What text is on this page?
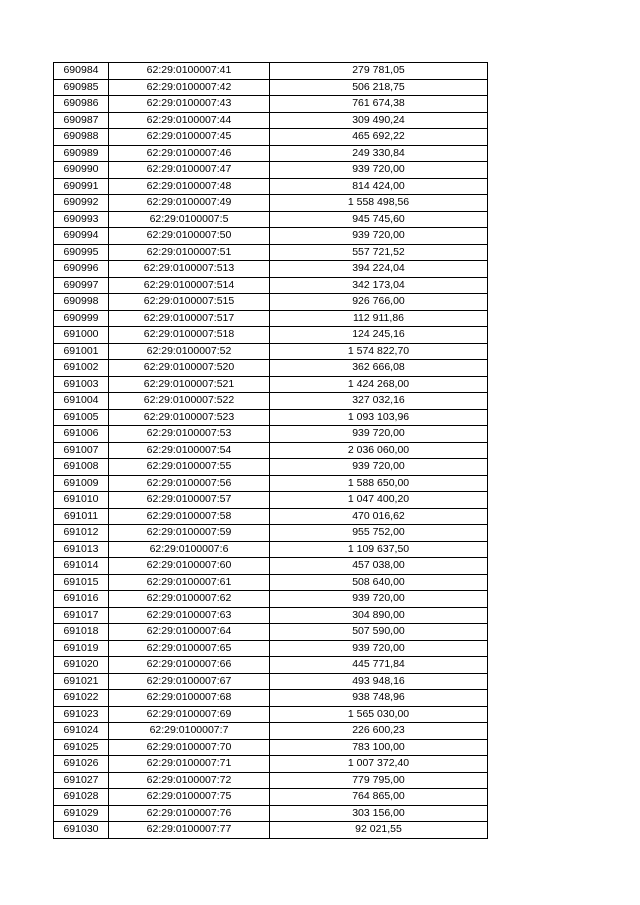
690984	62:29:0100007:41	279 781,05
690985	62:29:0100007:42	506 218,75
690986	62:29:0100007:43	761 674,38
690987	62:29:0100007:44	309 490,24
690988	62:29:0100007:45	465 692,22
690989	62:29:0100007:46	249 330,84
690990	62:29:0100007:47	939 720,00
690991	62:29:0100007:48	814 424,00
690992	62:29:0100007:49	1 558 498,56
690993	62:29:0100007:5	945 745,60
690994	62:29:0100007:50	939 720,00
690995	62:29:0100007:51	557 721,52
690996	62:29:0100007:513	394 224,04
690997	62:29:0100007:514	342 173,04
690998	62:29:0100007:515	926 766,00
690999	62:29:0100007:517	112 911,86
691000	62:29:0100007:518	124 245,16
691001	62:29:0100007:52	1 574 822,70
691002	62:29:0100007:520	362 666,08
691003	62:29:0100007:521	1 424 268,00
691004	62:29:0100007:522	327 032,16
691005	62:29:0100007:523	1 093 103,96
691006	62:29:0100007:53	939 720,00
691007	62:29:0100007:54	2 036 060,00
691008	62:29:0100007:55	939 720,00
691009	62:29:0100007:56	1 588 650,00
691010	62:29:0100007:57	1 047 400,20
691011	62:29:0100007:58	470 016,62
691012	62:29:0100007:59	955 752,00
691013	62:29:0100007:6	1 109 637,50
691014	62:29:0100007:60	457 038,00
691015	62:29:0100007:61	508 640,00
691016	62:29:0100007:62	939 720,00
691017	62:29:0100007:63	304 890,00
691018	62:29:0100007:64	507 590,00
691019	62:29:0100007:65	939 720,00
691020	62:29:0100007:66	445 771,84
691021	62:29:0100007:67	493 948,16
691022	62:29:0100007:68	938 748,96
691023	62:29:0100007:69	1 565 030,00
691024	62:29:0100007:7	226 600,23
691025	62:29:0100007:70	783 100,00
691026	62:29:0100007:71	1 007 372,40
691027	62:29:0100007:72	779 795,00
691028	62:29:0100007:75	764 865,00
691029	62:29:0100007:76	303 156,00
691030	62:29:0100007:77	92 021,55
